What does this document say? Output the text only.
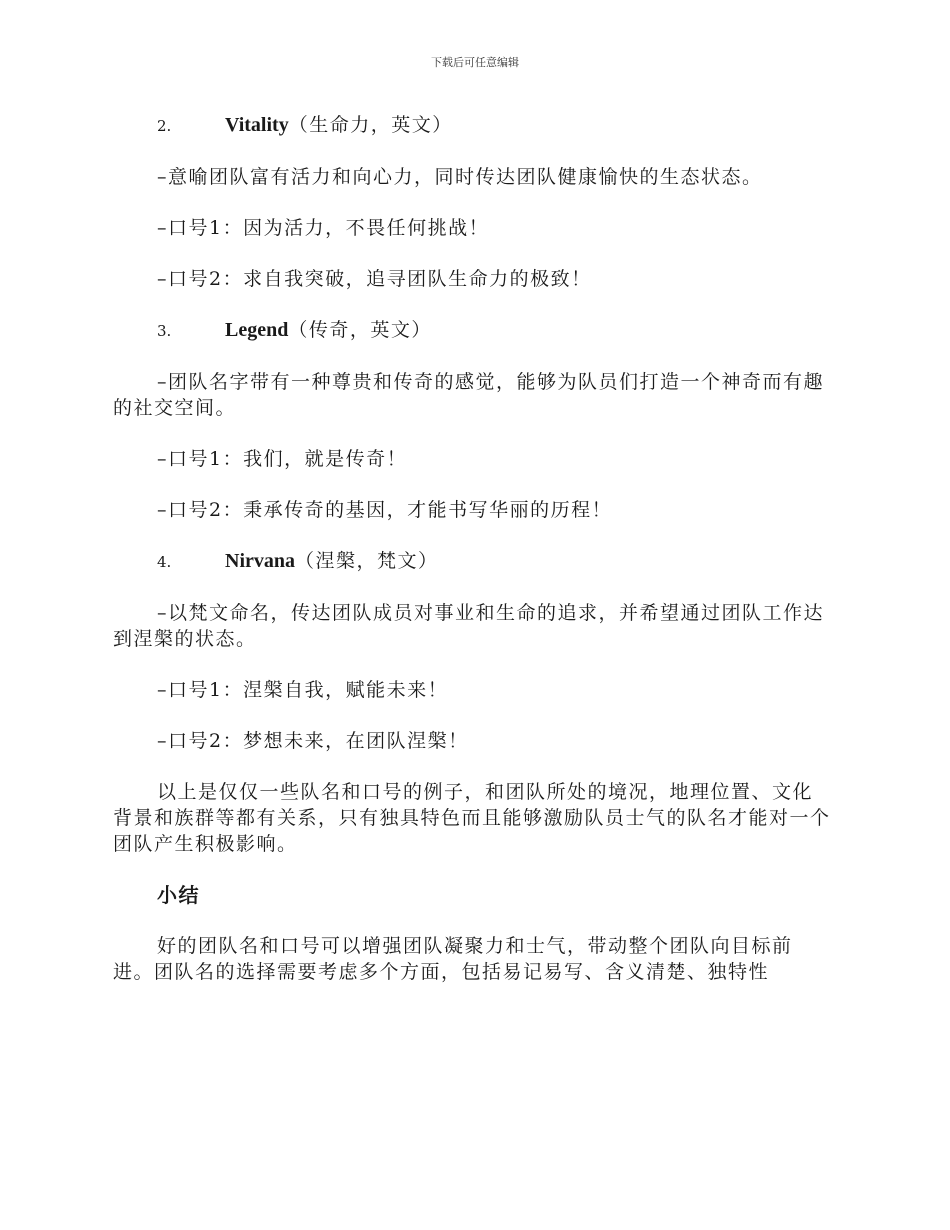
下载后可任意编辑
2.	Vitality（生命力，英文）

–意喻团队富有活力和向心力，同时传达团队健康愉快的生态状态。

–口号1：因为活力，不畏任何挑战！

–口号2：求自我突破，追寻团队生命力的极致！

3.	Legend（传奇，英文）

–团队名字带有一种尊贵和传奇的感觉，能够为队员们打造一个神奇而有趣的社交空间。

–口号1：我们，就是传奇！

–口号2：秉承传奇的基因，才能书写华丽的历程！

4.	Nirvana（涅槃，梵文）

–以梵文命名，传达团队成员对事业和生命的追求，并希望通过团队工作达到涅槃的状态。

–口号1：涅槃自我，赋能未来！

–口号2：梦想未来，在团队涅槃！

以上是仅仅一些队名和口号的例子，和团队所处的境况，地理位置、文化背景和族群等都有关系，只有独具特色而且能够激励队员士气的队名才能对一个团队产生积极影响。

小结

好的团队名和口号可以增强团队凝聚力和士气，带动整个团队向目标前进。团队名的选择需要考虑多个方面，包括易记易写、含义清楚、独特性
